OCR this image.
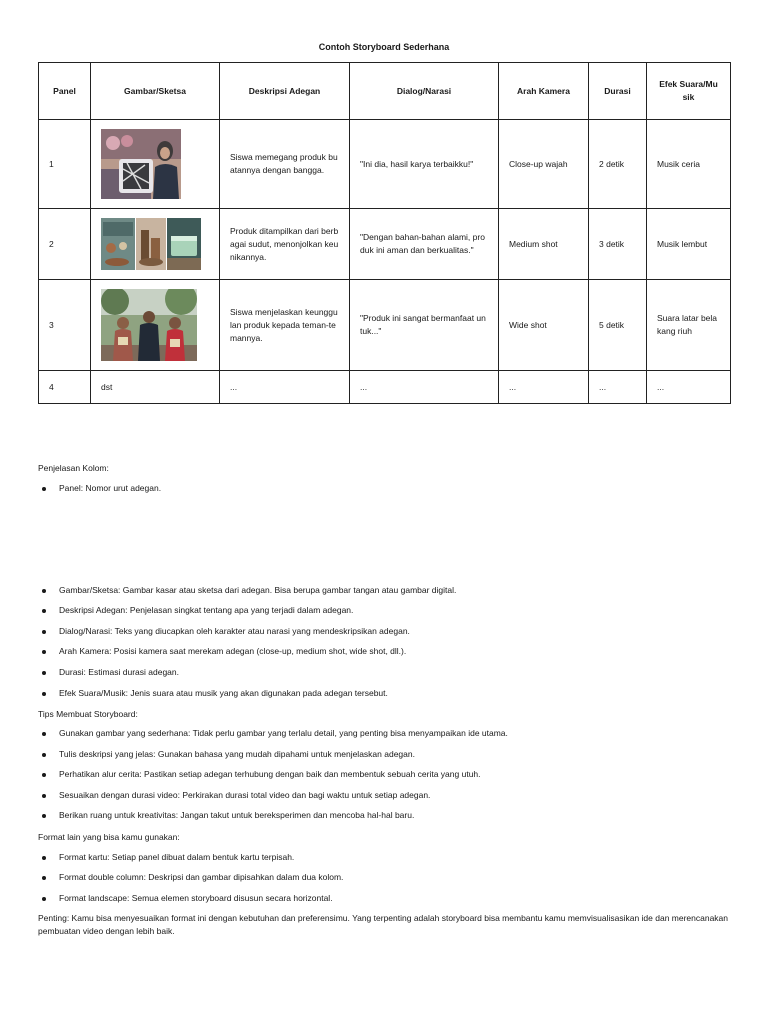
Contoh Storyboard Sederhana
Panel	Gambar/Sketsa	Deskripsi Adegan	Dialog/Narasi	Arah Kamera	Durasi	Efek Suara/Musik
1		Siswa memegang produk buatannya dengan bangga.	"Ini dia, hasil karya terbaikku!"	Close-up wajah	2 detik	Musik ceria
2		Produk ditampilkan dari berbagai sudut, menonjolkan keunikannya.	"Dengan bahan-bahan alami, produk ini aman dan berkualitas."	Medium shot	3 detik	Musik lembut
3		Siswa menjelaskan keunggulan produk kepada teman-temannya.	"Produk ini sangat bermanfaat untuk..."	Wide shot	5 detik	Suara latar belakang riuh
4	dst	...	...	...	...	...
Penjelasan Kolom:
Panel: Nomor urut adegan.
Gambar/Sketsa: Gambar kasar atau sketsa dari adegan. Bisa berupa gambar tangan atau gambar digital.
Deskripsi Adegan: Penjelasan singkat tentang apa yang terjadi dalam adegan.
Dialog/Narasi: Teks yang diucapkan oleh karakter atau narasi yang mendeskripsikan adegan.
Arah Kamera: Posisi kamera saat merekam adegan (close-up, medium shot, wide shot, dll.).
Durasi: Estimasi durasi adegan.
Efek Suara/Musik: Jenis suara atau musik yang akan digunakan pada adegan tersebut.
Tips Membuat Storyboard:
Gunakan gambar yang sederhana: Tidak perlu gambar yang terlalu detail, yang penting bisa menyampaikan ide utama.
Tulis deskripsi yang jelas: Gunakan bahasa yang mudah dipahami untuk menjelaskan adegan.
Perhatikan alur cerita: Pastikan setiap adegan terhubung dengan baik dan membentuk sebuah cerita yang utuh.
Sesuaikan dengan durasi video: Perkirakan durasi total video dan bagi waktu untuk setiap adegan.
Berikan ruang untuk kreativitas: Jangan takut untuk bereksperimen dan mencoba hal-hal baru.
Format lain yang bisa kamu gunakan:
Format kartu: Setiap panel dibuat dalam bentuk kartu terpisah.
Format double column: Deskripsi dan gambar dipisahkan dalam dua kolom.
Format landscape: Semua elemen storyboard disusun secara horizontal.
Penting: Kamu bisa menyesuaikan format ini dengan kebutuhan dan preferensimu. Yang terpenting adalah storyboard bisa membantu kamu memvisualisasikan ide dan merencanakan pembuatan video dengan lebih baik.
